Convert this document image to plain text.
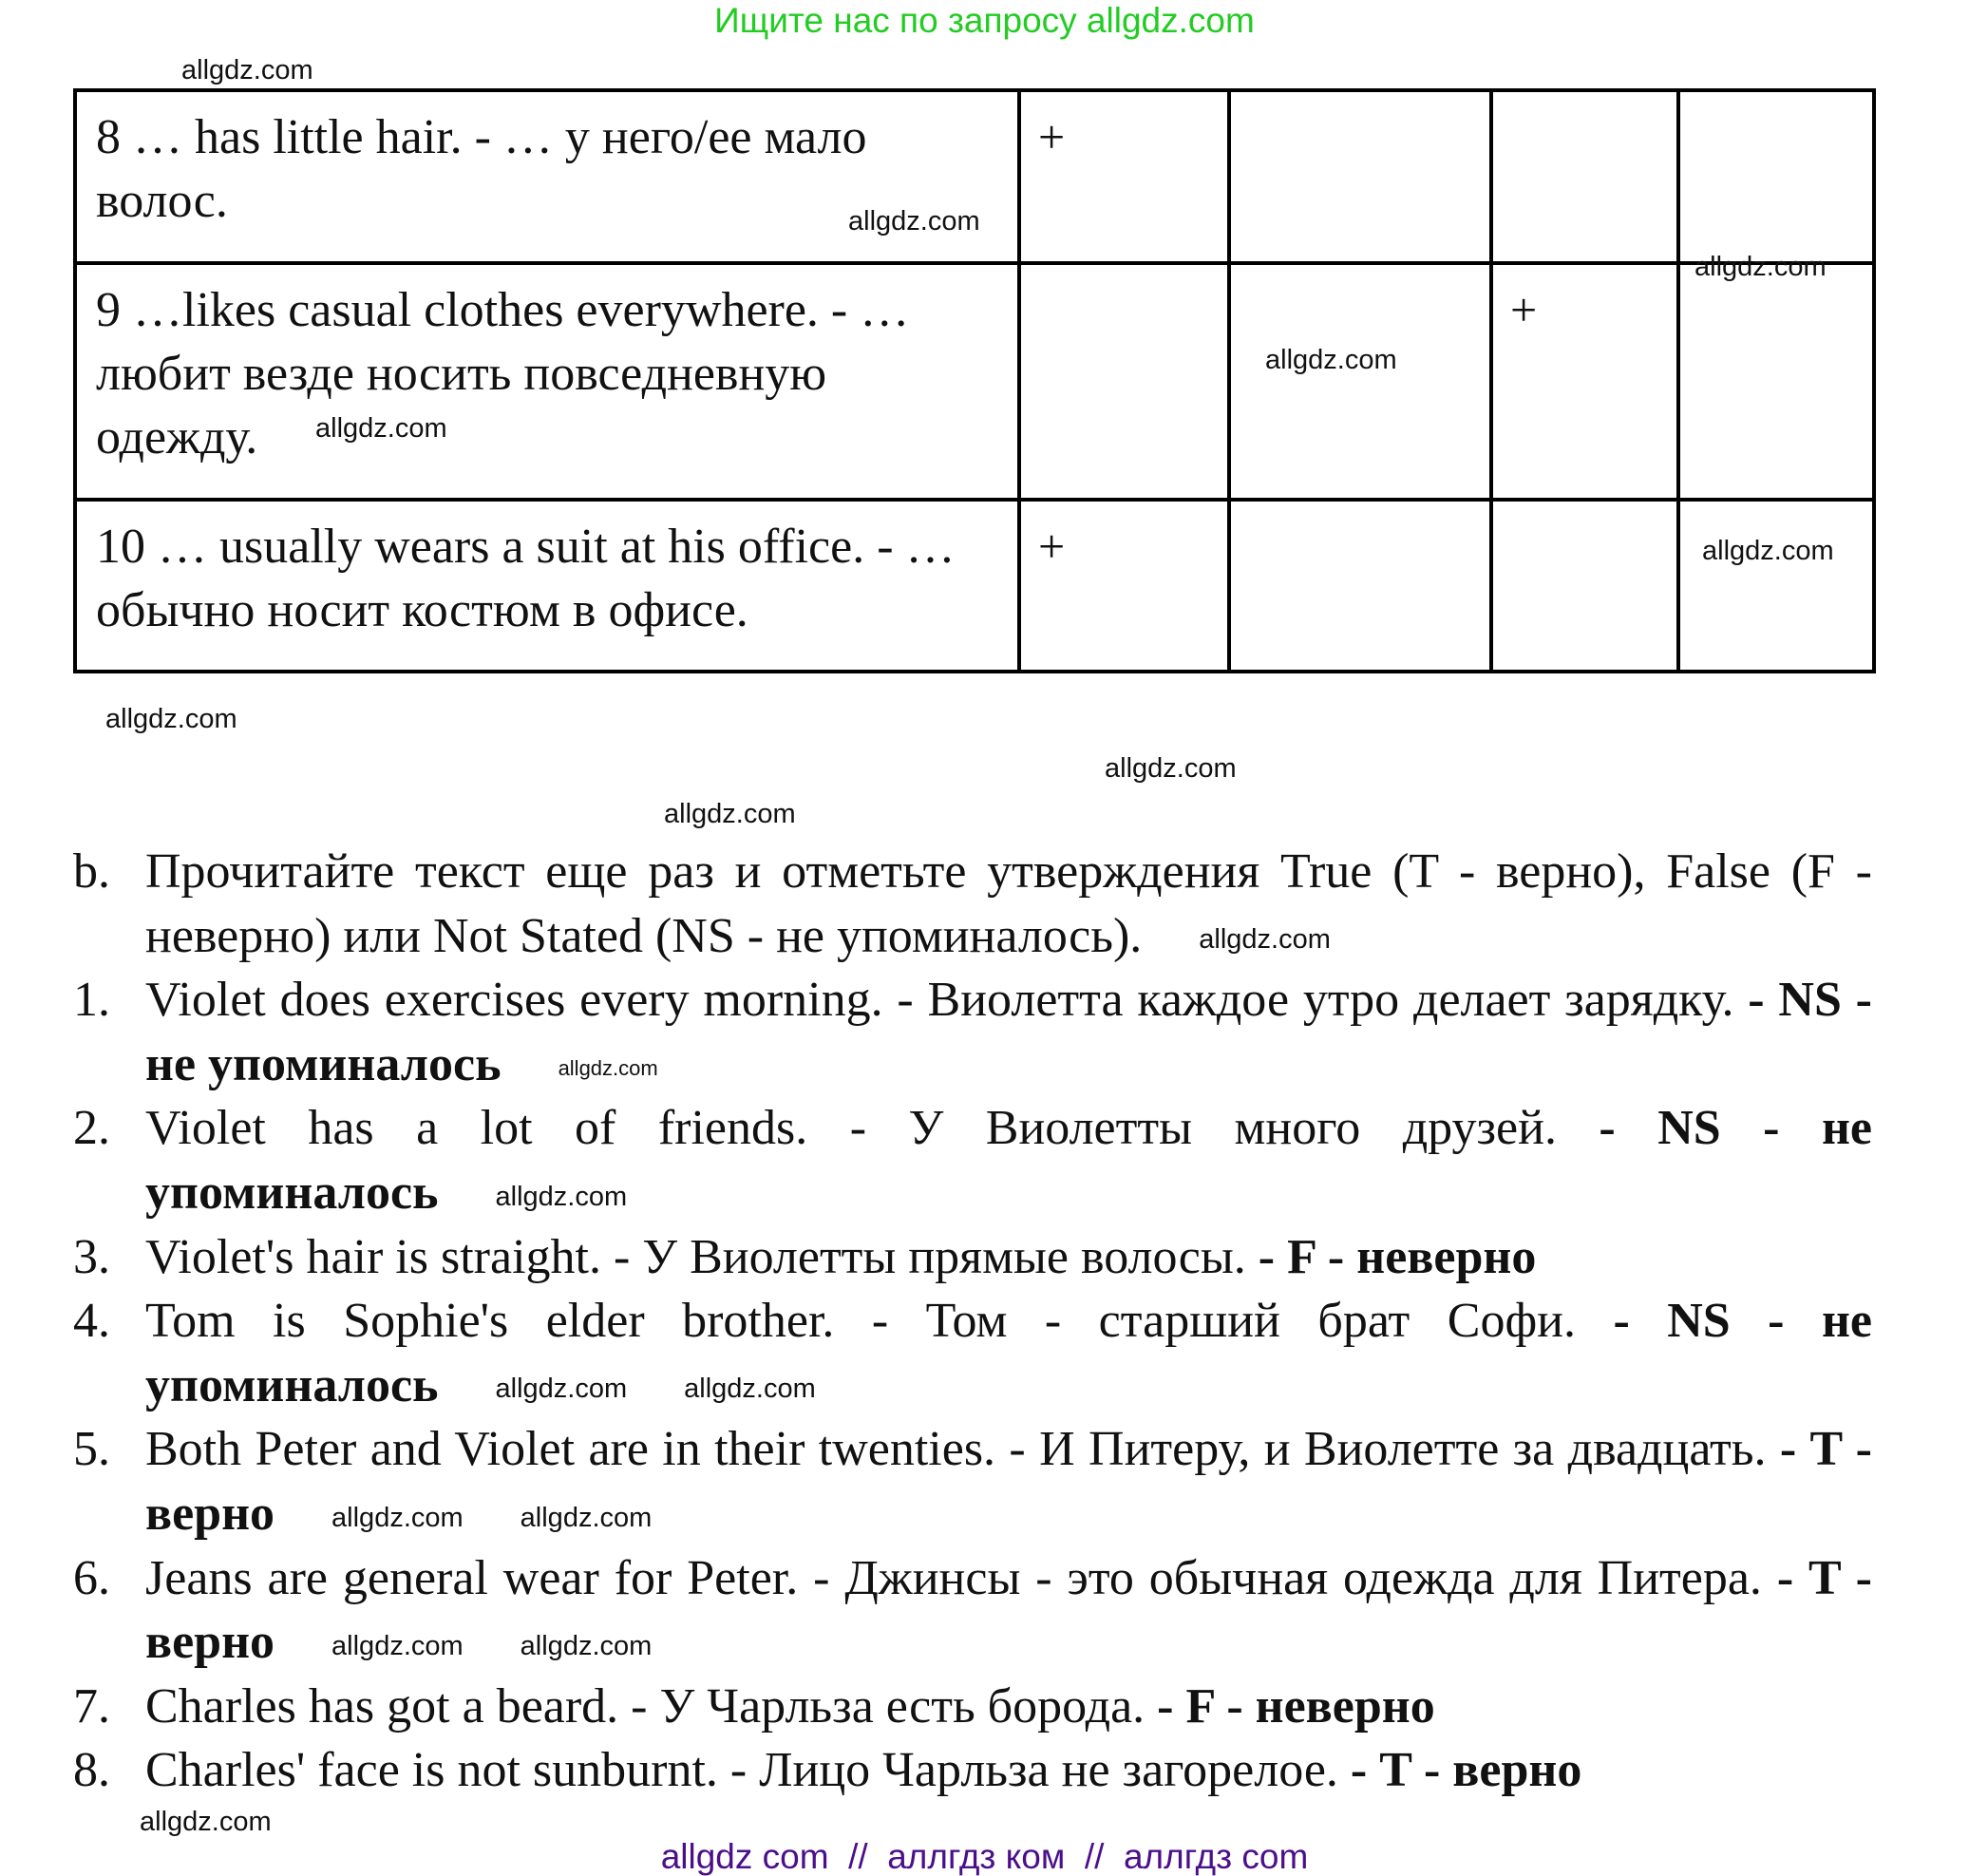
Ищите нас по запросу allgdz.com
8 … has little hair. - … у него/ее мало волос.	+			
9 …likes casual clothes everywhere. - … любит везде носить повседневную одежду.			+	
10 … usually wears a suit at his office. - … обычно носит костюм в офисе.	+			
b. Прочитайте текст еще раз и отметьте утверждения True (T - верно), False (F - неверно) или Not Stated (NS - не упоминалось). allgdz.com
1. Violet does exercises every morning. - Виолетта каждое утро делает зарядку. - NS - не упоминалось	allgdz.com
2. Violet has a lot of friends. - У Виолетты много друзей. - NS - не упоминалось allgdz.com
3. Violet's hair is straight. - У Виолетты прямые волосы. - F - неверно
4. Tom is Sophie's elder brother. - Том - старший брат Софи. - NS - не упоминалось allgdz.com allgdz.com
5. Both Peter and Violet are in their twenties. - И Питеру, и Виолетте за двадцать. - T - верно allgdz.com allgdz.com
6. Jeans are general wear for Peter. - Джинсы - это обычная одежда для Питера. - T - верно allgdz.com allgdz.com
7. Charles has got a beard. - У Чарльза есть борода. - F - неверно
8. Charles' face is not sunburnt. - Лицо Чарльза не загорелое. - T - верно
allgdz.com
allgdz.com
allgdz.com
allgdz.com
allgdz.com
allgdz.com
allgdz.com
allgdz.com
allgdz.com
allgdz.com
allgdz com  //  аллгдз ком  //  аллгдз com
